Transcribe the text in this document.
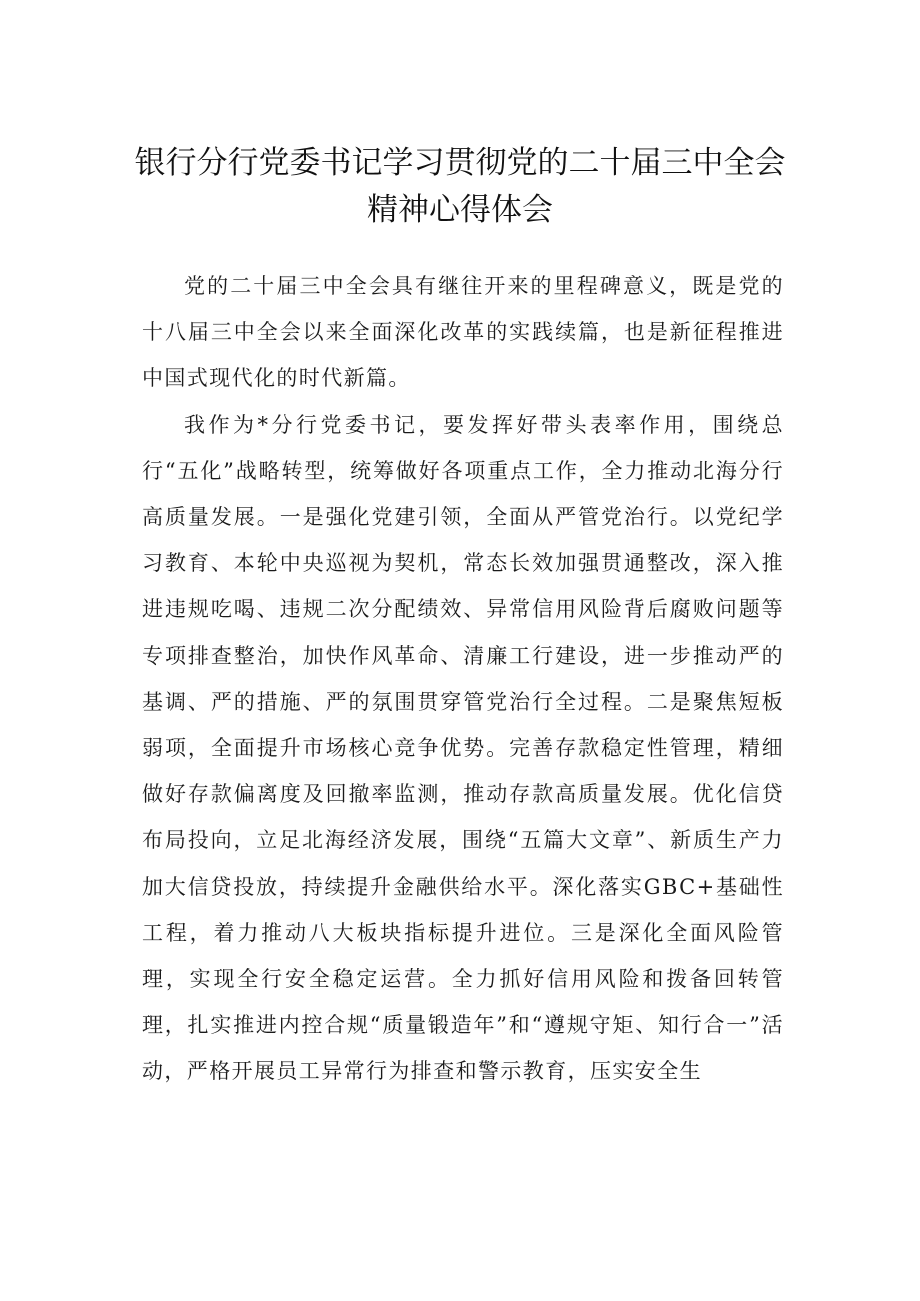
银行分行党委书记学习贯彻党的二十届三中全会精神心得体会

党的二十届三中全会具有继往开来的里程碑意义，既是党的十八届三中全会以来全面深化改革的实践续篇，也是新征程推进中国式现代化的时代新篇。

我作为*分行党委书记，要发挥好带头表率作用，围绕总行“五化”战略转型，统筹做好各项重点工作，全力推动北海分行高质量发展。一是强化党建引领，全面从严管党治行。以党纪学习教育、本轮中央巡视为契机，常态长效加强贯通整改，深入推进违规吃喝、违规二次分配绩效、异常信用风险背后腐败问题等专项排查整治，加快作风革命、清廉工行建设，进一步推动严的基调、严的措施、严的氛围贯穿管党治行全过程。二是聚焦短板弱项，全面提升市场核心竞争优势。完善存款稳定性管理，精细做好存款偏离度及回撤率监测，推动存款高质量发展。优化信贷布局投向，立足北海经济发展，围绕“五篇大文章”、新质生产力加大信贷投放，持续提升金融供给水平。深化落实GBC+基础性工程，着力推动八大板块指标提升进位。三是深化全面风险管理，实现全行安全稳定运营。全力抓好信用风险和拨备回转管理，扎实推进内控合规“质量锻造年”和“遵规守矩、知行合一”活动，严格开展员工异常行为排查和警示教育，压实安全生
